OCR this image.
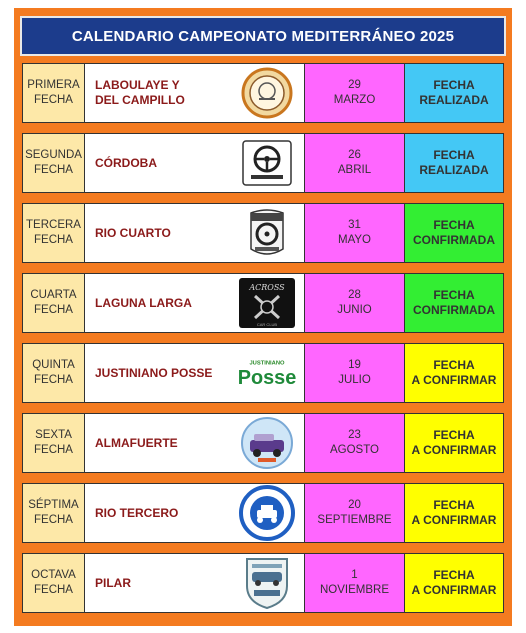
CALENDARIO CAMPEONATO MEDITERRÁNEO 2025
PRIMERA
FECHA
LABOULAYE Y
DEL CAMPILLO
29
MARZO
FECHA
REALIZADA
SEGUNDA
FECHA
CÓRDOBA
26
ABRIL
FECHA
REALIZADA
TERCERA
FECHA
RIO CUARTO
31
MAYO
FECHA
CONFIRMADA
CUARTA
FECHA
LAGUNA LARGA
ACROSS
CAR CLUB
28
JUNIO
FECHA
CONFIRMADA
QUINTA
FECHA
JUSTINIANO POSSE
JUSTINIANO
Posse
19
JULIO
FECHA
A CONFIRMAR
SEXTA
FECHA
ALMAFUERTE
23
AGOSTO
FECHA
A CONFIRMAR
SÉPTIMA
FECHA
RIO TERCERO
20
SEPTIEMBRE
FECHA
A CONFIRMAR
OCTAVA
FECHA
PILAR
1
NOVIEMBRE
FECHA
A CONFIRMAR
